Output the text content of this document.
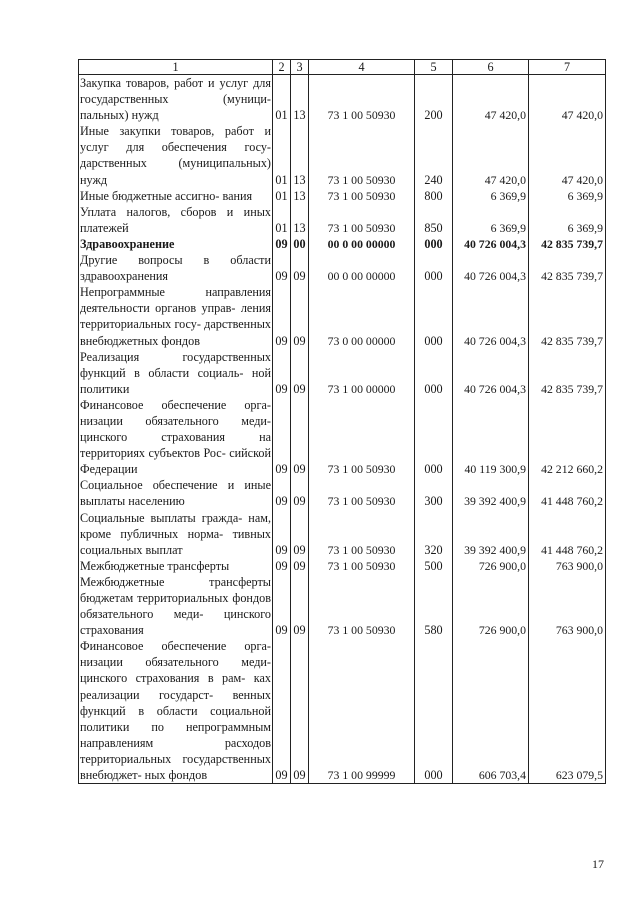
1	2	3	4	5	6	7
Закупка товаров, работ и услуг для государственных (муници- пальных) нужд	01	13	73 1 00 50930	200	47 420,0	47 420,0
Иные закупки товаров, работ и услуг для обеспечения госу- дарственных (муниципальных) нужд	01	13	73 1 00 50930	240	47 420,0	47 420,0
Иные бюджетные ассигно- вания	01	13	73 1 00 50930	800	6 369,9	6 369,9
Уплата налогов, сборов и иных платежей	01	13	73 1 00 50930	850	6 369,9	6 369,9
Здравоохранение	09	00	00 0 00 00000	000	40 726 004,3	42 835 739,7
Другие вопросы в области здравоохранения	09	09	00 0 00 00000	000	40 726 004,3	42 835 739,7
Непрограммные направления деятельности органов управ- ления территориальных госу- дарственных внебюджетных фондов	09	09	73 0 00 00000	000	40 726 004,3	42 835 739,7
Реализация государственных функций в области социаль- ной политики	09	09	73 1 00 00000	000	40 726 004,3	42 835 739,7
Финансовое обеспечение орга- низации обязательного меди- цинского страхования на территориях субъектов Рос- сийской Федерации	09	09	73 1 00 50930	000	40 119 300,9	42 212 660,2
Социальное обеспечение и иные выплаты населению	09	09	73 1 00 50930	300	39 392 400,9	41 448 760,2
Социальные выплаты гражда- нам, кроме публичных норма- тивных социальных выплат	09	09	73 1 00 50930	320	39 392 400,9	41 448 760,2
Межбюджетные трансферты	09	09	73 1 00 50930	500	726 900,0	763 900,0
Межбюджетные трансферты бюджетам территориальных фондов обязательного меди- цинского страхования	09	09	73 1 00 50930	580	726 900,0	763 900,0
Финансовое обеспечение орга- низации обязательного меди- цинского страхования в рам- ках реализации государст- венных функций в области социальной политики по непрограммным направлениям расходов территориальных государственных внебюджет- ных фондов	09	09	73 1 00 99999	000	606 703,4	623 079,5
17
